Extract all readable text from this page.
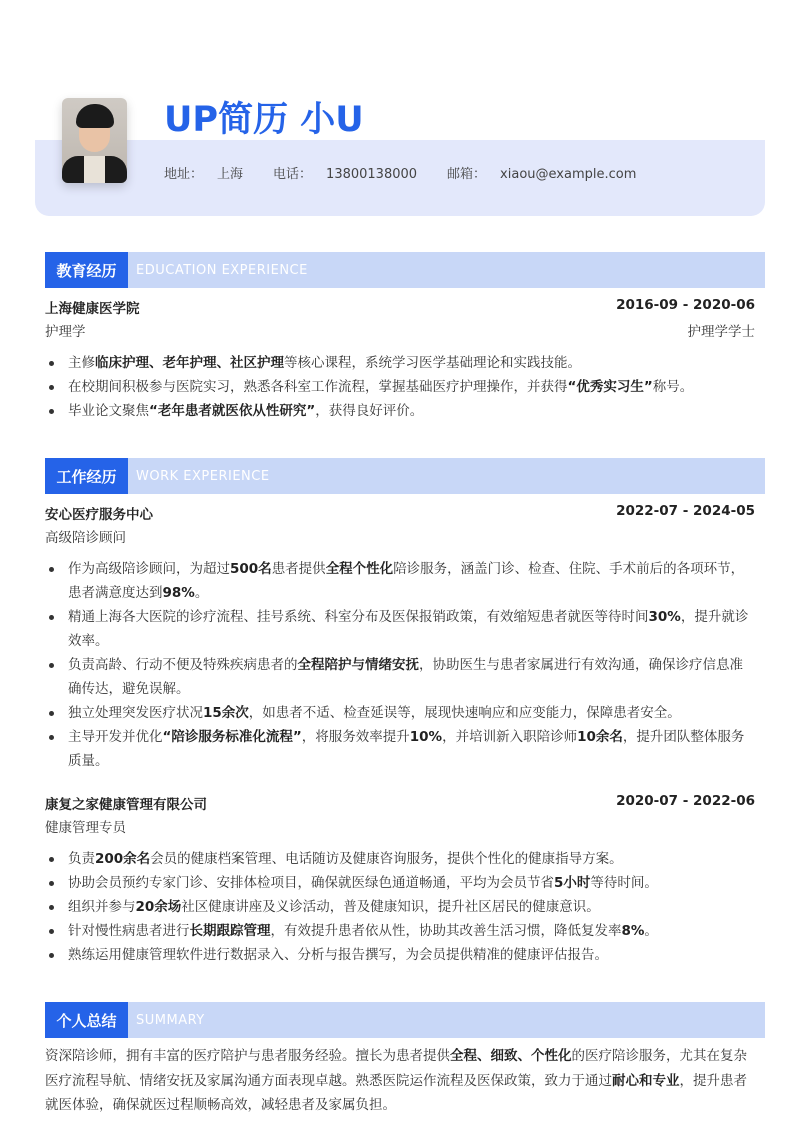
UP简历 小U
地址： 上海 电话： 13800138000 邮箱： xiaou@example.com
教育经历	EDUCATION EXPERIENCE
上海健康医学院	2016-09 - 2020-06
护理学	护理学学士
主修临床护理、老年护理、社区护理等核心课程，系统学习医学基础理论和实践技能。
在校期间积极参与医院实习，熟悉各科室工作流程，掌握基础医疗护理操作，并获得“优秀实习生”称号。
毕业论文聚焦“老年患者就医依从性研究”，获得良好评价。
工作经历	WORK EXPERIENCE
安心医疗服务中心	2022-07 - 2024-05
高级陪诊顾问
作为高级陪诊顾问，为超过500名患者提供全程个性化陪诊服务，涵盖门诊、检查、住院、手术前后的各项环节，患者满意度达到98%。
精通上海各大医院的诊疗流程、挂号系统、科室分布及医保报销政策，有效缩短患者就医等待时间30%，提升就诊效率。
负责高龄、行动不便及特殊疾病患者的全程陪护与情绪安抚，协助医生与患者家属进行有效沟通，确保诊疗信息准确传达，避免误解。
独立处理突发医疗状况15余次，如患者不适、检查延误等，展现快速响应和应变能力，保障患者安全。
主导开发并优化“陪诊服务标准化流程”，将服务效率提升10%，并培训新入职陪诊师10余名，提升团队整体服务质量。
康复之家健康管理有限公司	2020-07 - 2022-06
健康管理专员
负责200余名会员的健康档案管理、电话随访及健康咨询服务，提供个性化的健康指导方案。
协助会员预约专家门诊、安排体检项目，确保就医绿色通道畅通，平均为会员节省5小时等待时间。
组织并参与20余场社区健康讲座及义诊活动，普及健康知识，提升社区居民的健康意识。
针对慢性病患者进行长期跟踪管理，有效提升患者依从性，协助其改善生活习惯，降低复发率8%。
熟练运用健康管理软件进行数据录入、分析与报告撰写，为会员提供精准的健康评估报告。
个人总结	SUMMARY
资深陪诊师，拥有丰富的医疗陪护与患者服务经验。擅长为患者提供全程、细致、个性化的医疗陪诊服务，尤其在复杂医疗流程导航、情绪安抚及家属沟通方面表现卓越。熟悉医院运作流程及医保政策，致力于通过耐心和专业，提升患者就医体验，确保就医过程顺畅高效，减轻患者及家属负担。
